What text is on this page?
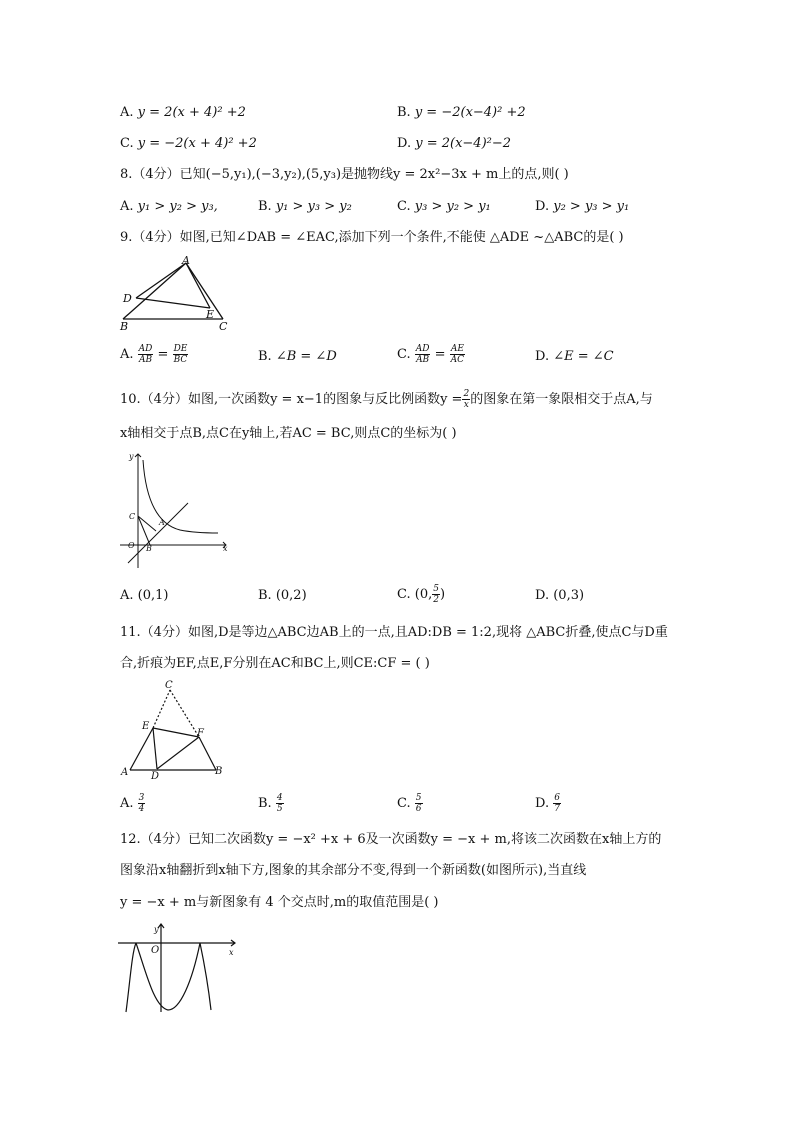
A. y = 2(x + 4)² +2	B. y = −2(x−4)² +2
C. y = −2(x + 4)² +2	D. y = 2(x−4)²−2
8.（4分）已知(−5,y₁),(−3,y₂),(5,y₃)是抛物线y = 2x²−3x + m上的点,则( )
A. y₁ > y₂ > y₃,	B. y₁ > y₃ > y₂	C. y₃ > y₂ > y₁	D. y₂ > y₃ > y₁
9.（4分）如图,已知∠DAB = ∠EAC,添加下列一个条件,不能使 △ADE ~△ABC的是( )
A
B	C
D
E
A. $\frac{AD}{AB} = \frac{DE}{BC}$	B. ∠B = ∠D	C. $\frac{AD}{AB} = \frac{AE}{AC}$	D. ∠E = ∠C
10.（4分）如图,一次函数y = x−1的图象与反比例函数$y = \frac{2}{x}$ 的图象在第一象限相交于点A,与
x轴相交于点B,点C在y轴上,若AC = BC,则点C的坐标为( )
y
x
O B
A
C
A. (0,1)	B. (0,2)	C. (0, $\frac{5}{2}$ )	D. (0,3)
11.（4分）如图,D是等边△ABC边AB上的一点,且AD:DB = 1:2,现将 △ABC折叠,使点C与D重
合,折痕为EF,点E,F分别在AC和BC上,则CE:CF = ( )
C
E
F
A D	B
A. $\frac{3}{4}$	B. $\frac{4}{5}$	C. $\frac{5}{6}$	D. $\frac{6}{7}$
12.（4分）已知二次函数y = −x² +x + 6及一次函数y = −x + m,将该二次函数在x轴上方的
图象沿x轴翻折到x轴下方,图象的其余部分不变,得到一个新函数(如图所示),当直线
y = −x + m与新图象有 4 个交点时,m的取值范围是( )
y
x
O
